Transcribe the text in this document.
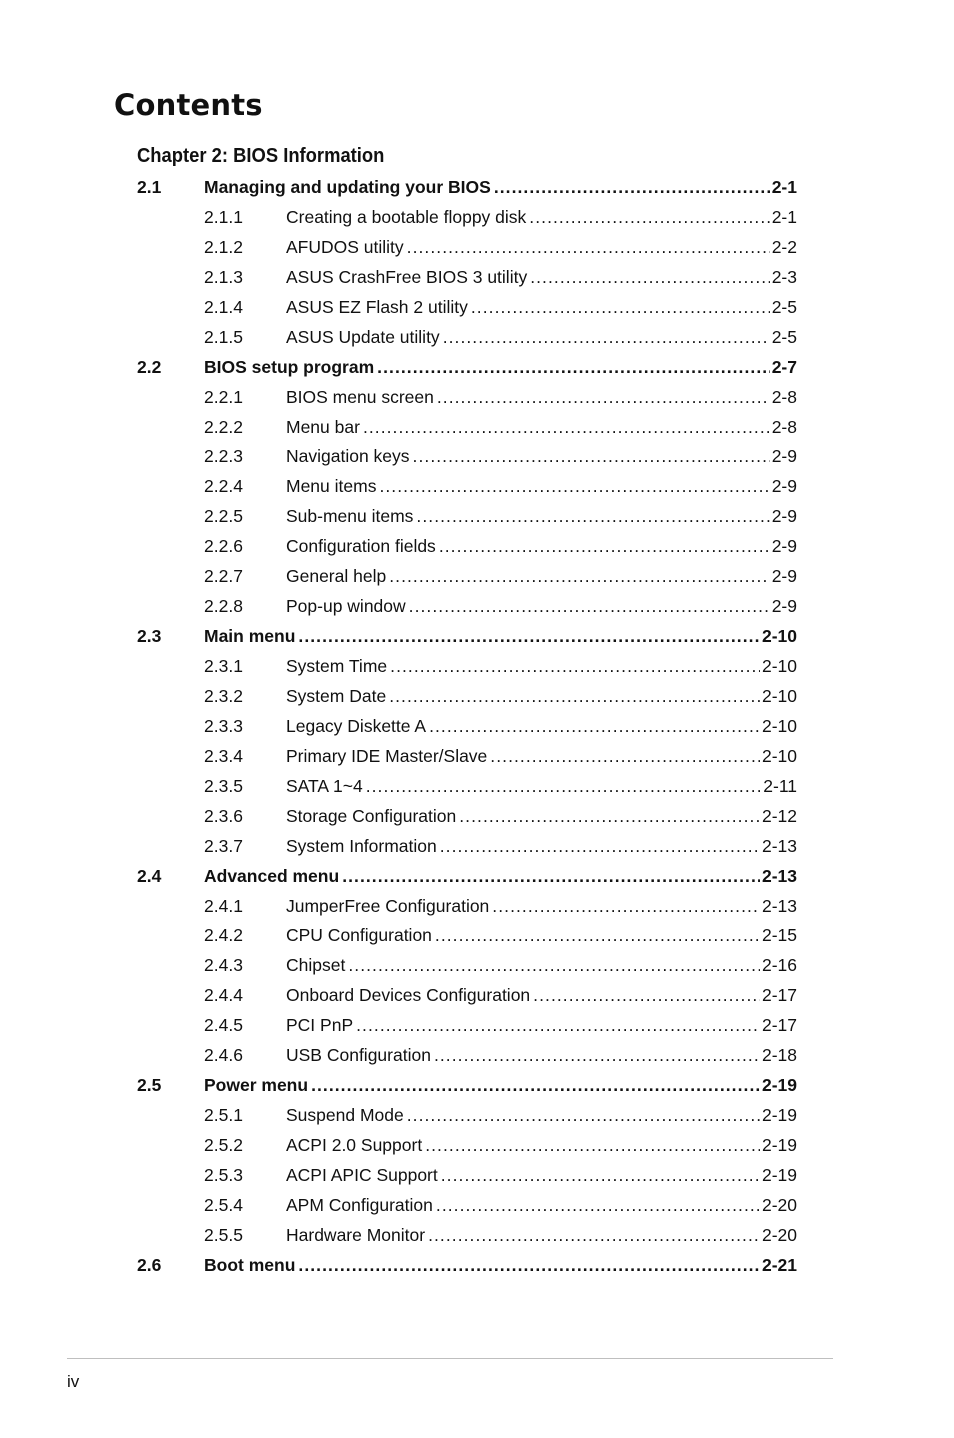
Contents
Chapter 2: BIOS Information
2.1 Managing and updating your BIOS . . .	2-1
2.1.1 Creating a bootable floppy disk . . .	2-1
2.1.2 AFUDOS utility . . .	2-2
2.1.3 ASUS CrashFree BIOS 3 utility . . .	2-3
2.1.4 ASUS EZ Flash 2 utility . . .	2-5
2.1.5 ASUS Update utility . . .	2-5
2.2 BIOS setup program . . .	2-7
2.2.1 BIOS menu screen . . .	2-8
2.2.2 Menu bar . . .	2-8
2.2.3 Navigation keys . . .	2-9
2.2.4 Menu items . . .	2-9
2.2.5 Sub-menu items . . .	2-9
2.2.6 Configuration fields . . .	2-9
2.2.7 General help . . .	2-9
2.2.8 Pop-up window . . .	2-9
2.3 Main menu . . .	2-10
2.3.1 System Time . . .	2-10
2.3.2 System Date . . .	2-10
2.3.3 Legacy Diskette A . . .	2-10
2.3.4 Primary IDE Master/Slave . . .	2-10
2.3.5 SATA 1~4 . . .	2-11
2.3.6 Storage Configuration . . .	2-12
2.3.7 System Information . . .	2-13
2.4 Advanced menu . . .	2-13
2.4.1 JumperFree Configuration . . .	2-13
2.4.2 CPU Configuration . . .	2-15
2.4.3 Chipset . . .	2-16
2.4.4 Onboard Devices Configuration . . .	2-17
2.4.5 PCI PnP . . .	2-17
2.4.6 USB Configuration . . .	2-18
2.5 Power menu . . .	2-19
2.5.1 Suspend Mode . . .	2-19
2.5.2 ACPI 2.0 Support . . .	2-19
2.5.3 ACPI APIC Support . . .	2-19
2.5.4 APM Configuration . . .	2-20
2.5.5 Hardware Monitor . . .	2-20
2.6 Boot menu . . .	2-21
iv
